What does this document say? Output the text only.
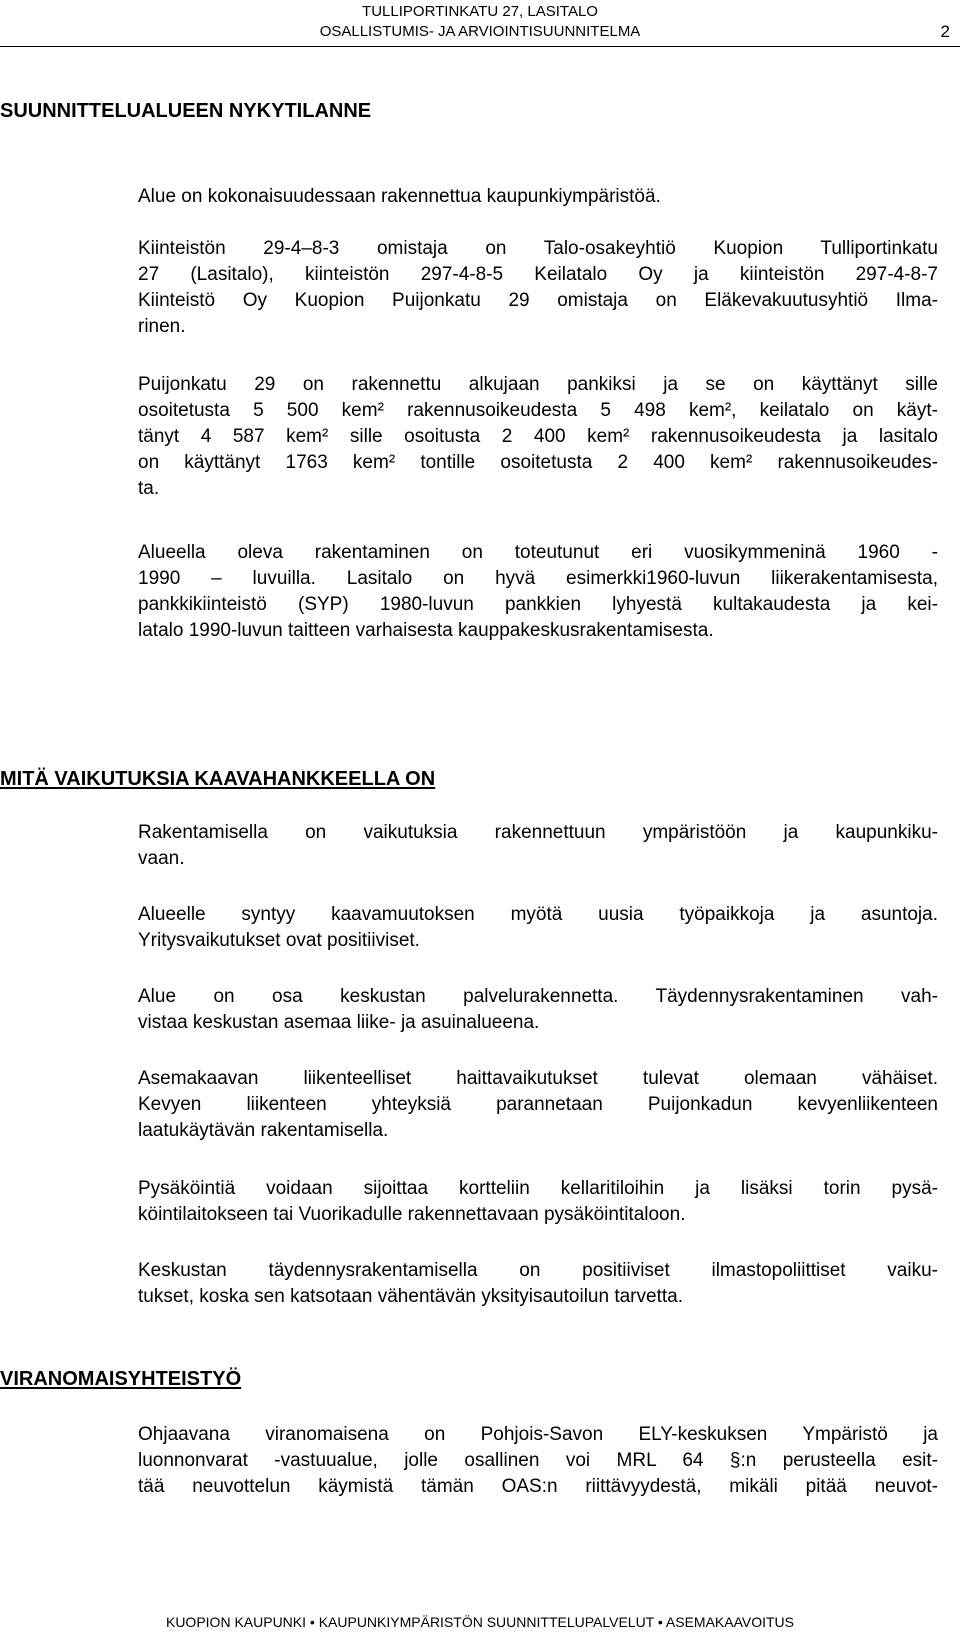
TULLIPORTINKATU 27, LASITALO
OSALLISTUMIS- JA ARVIOINTISUUNNITELMA	2
SUUNNITTELUALUEEN NYKYTILANNE
Alue on kokonaisuudessaan rakennettua kaupunkiympäristöä.
Kiinteistön 29-4–8-3 omistaja on Talo-osakeyhtiö Kuopion Tulliportinkatu
27 (Lasitalo), kiinteistön 297-4-8-5 Keilatalo Oy ja kiinteistön 297-4-8-7
Kiinteistö Oy Kuopion Puijonkatu 29 omistaja on Eläkevakuutusyhtiö Ilma-
rinen.
Puijonkatu 29 on rakennettu alkujaan pankiksi ja se on käyttänyt sille
osoitetusta 5 500 kem² rakennusoikeudesta 5 498 kem², keilatalo on käyt-
tänyt 4 587 kem² sille osoitusta 2 400 kem² rakennusoikeudesta ja lasitalo
on käyttänyt 1763 kem² tontille osoitetusta 2 400 kem² rakennusoikeudes-
ta.
Alueella oleva rakentaminen on toteutunut eri vuosikymmeninä 1960 -
1990 – luvuilla. Lasitalo on hyvä esimerkki1960-luvun liikerakentamisesta,
pankkikiinteistö (SYP) 1980-luvun pankkien lyhyestä kultakaudesta ja kei-
latalo 1990-luvun taitteen varhaisesta kauppakeskusrakentamisesta.
MITÄ VAIKUTUKSIA KAAVAHANKKEELLA ON
Rakentamisella on vaikutuksia rakennettuun ympäristöön ja kaupunkiku-
vaan.
Alueelle syntyy kaavamuutoksen myötä uusia työpaikkoja ja asuntoja.
Yritysvaikutukset ovat positiiviset.
Alue on osa keskustan palvelurakennetta. Täydennysrakentaminen vah-
vistaa keskustan asemaa liike- ja asuinalueena.
Asemakaavan liikenteelliset haittavaikutukset tulevat olemaan vähäiset.
Kevyen liikenteen yhteyksiä parannetaan Puijonkadun kevyenliikenteen
laatukäytävän rakentamisella.
Pysäköintiä voidaan sijoittaa kortteliin kellaritiloihin ja lisäksi torin pysä-
köintilaitokseen tai Vuorikadulle rakennettavaan pysäköintitaloon.
Keskustan täydennysrakentamisella on positiiviset ilmastopoliittiset vaiku-
tukset, koska sen katsotaan vähentävän yksityisautoilun tarvetta.
VIRANOMAISYHTEISTYÖ
Ohjaavana viranomaisena on Pohjois-Savon ELY-keskuksen Ympäristö ja
luonnonvarat -vastuualue, jolle osallinen voi MRL 64 §:n perusteella esit-
tää neuvottelun käymistä tämän OAS:n riittävyydestä, mikäli pitää neuvot-
KUOPION KAUPUNKI • KAUPUNKIYMPÄRISTÖN SUUNNITTELUPALVELUT • ASEMAKAAVOITUS
